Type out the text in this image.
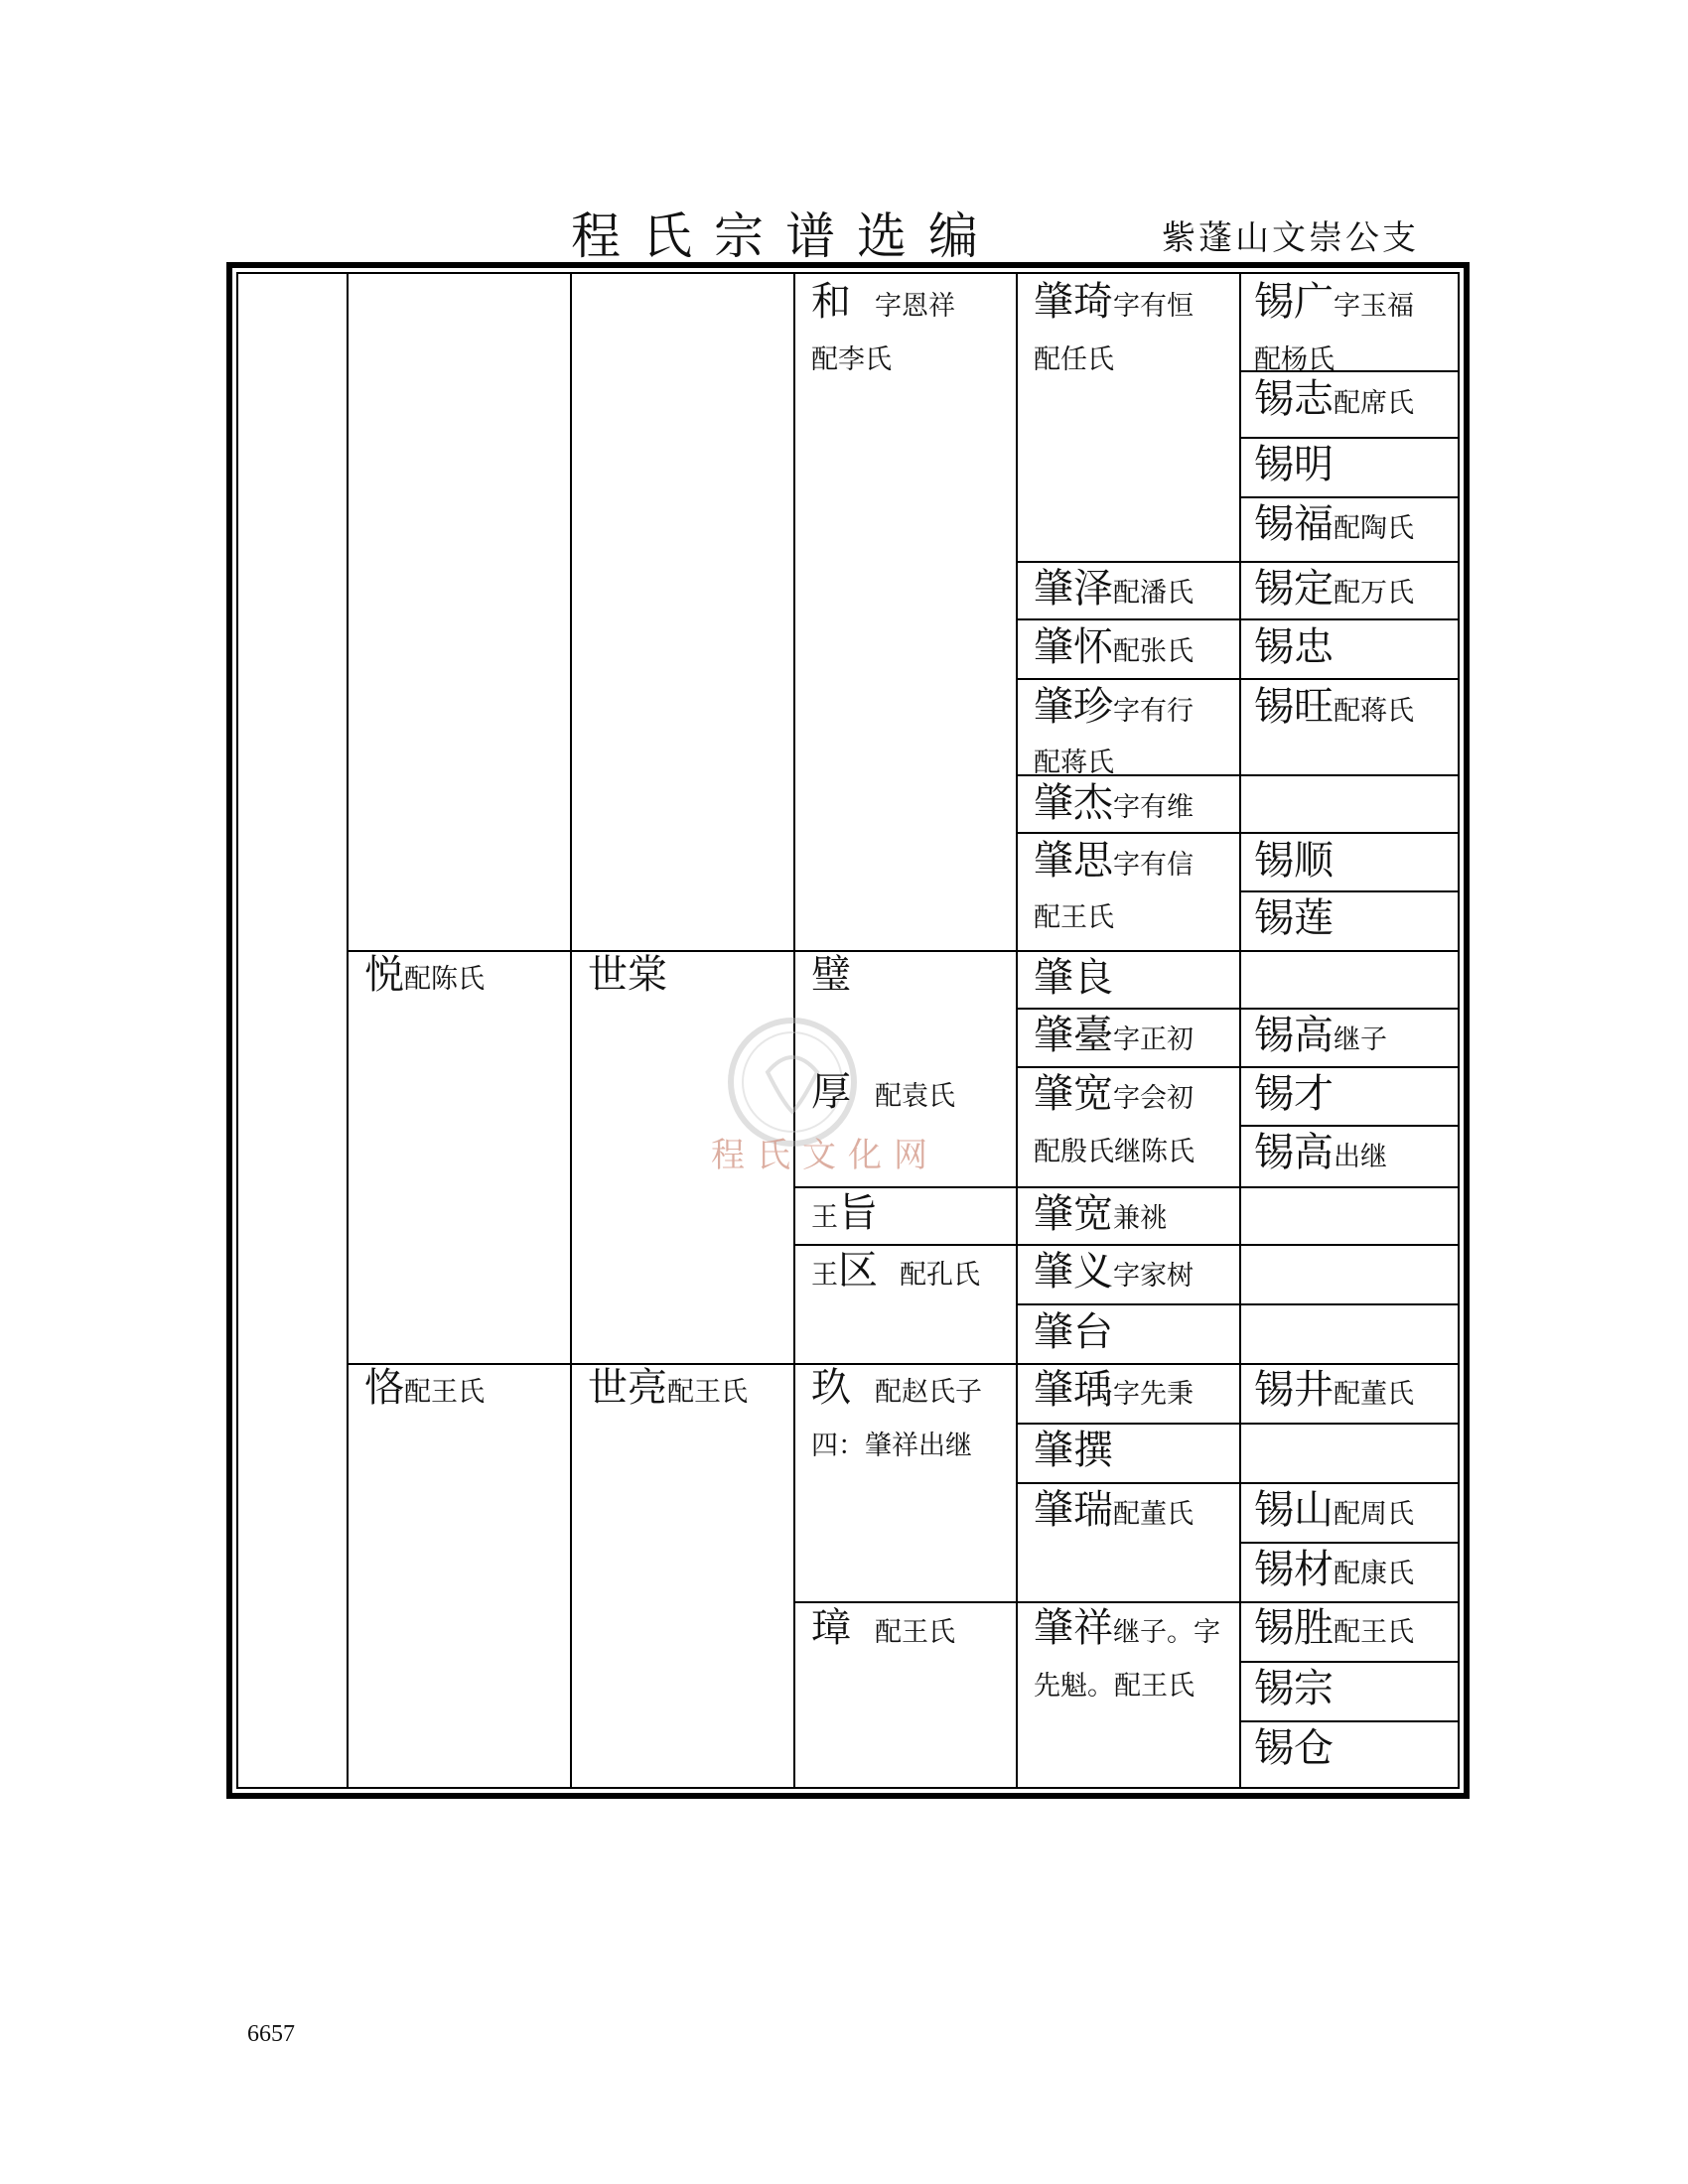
程氏宗谱选编	紫蓬山文崇公支
程氏文化网
悦配陈氏
恪配王氏
世棠
世亮配王氏
和 字恩祥
配李氏
璧
厚 配袁氏
王旨
王区 配孔氏
玖 配赵氏子
四：肇祥出继
璋 配王氏
肇琦字有恒
配任氏
肇泽配潘氏
肇怀配张氏
肇珍字有行
配蒋氏
肇杰字有维
肇思字有信
配王氏
肇良
肇臺字正初
肇宽字会初
配殷氏继陈氏
肇宽兼祧
肇义字家树
肇台
肇瑀字先秉
肇撰
肇瑞配董氏
肇祥继子。字
先魁。配王氏
锡广字玉福
配杨氏
锡志配席氏
锡明
锡福配陶氏
锡定配万氏
锡忠
锡旺配蒋氏
锡顺
锡莲
锡高继子
锡才
锡高出继
锡井配董氏
锡山配周氏
锡材配康氏
锡胜配王氏
锡宗
锡仓
6657
